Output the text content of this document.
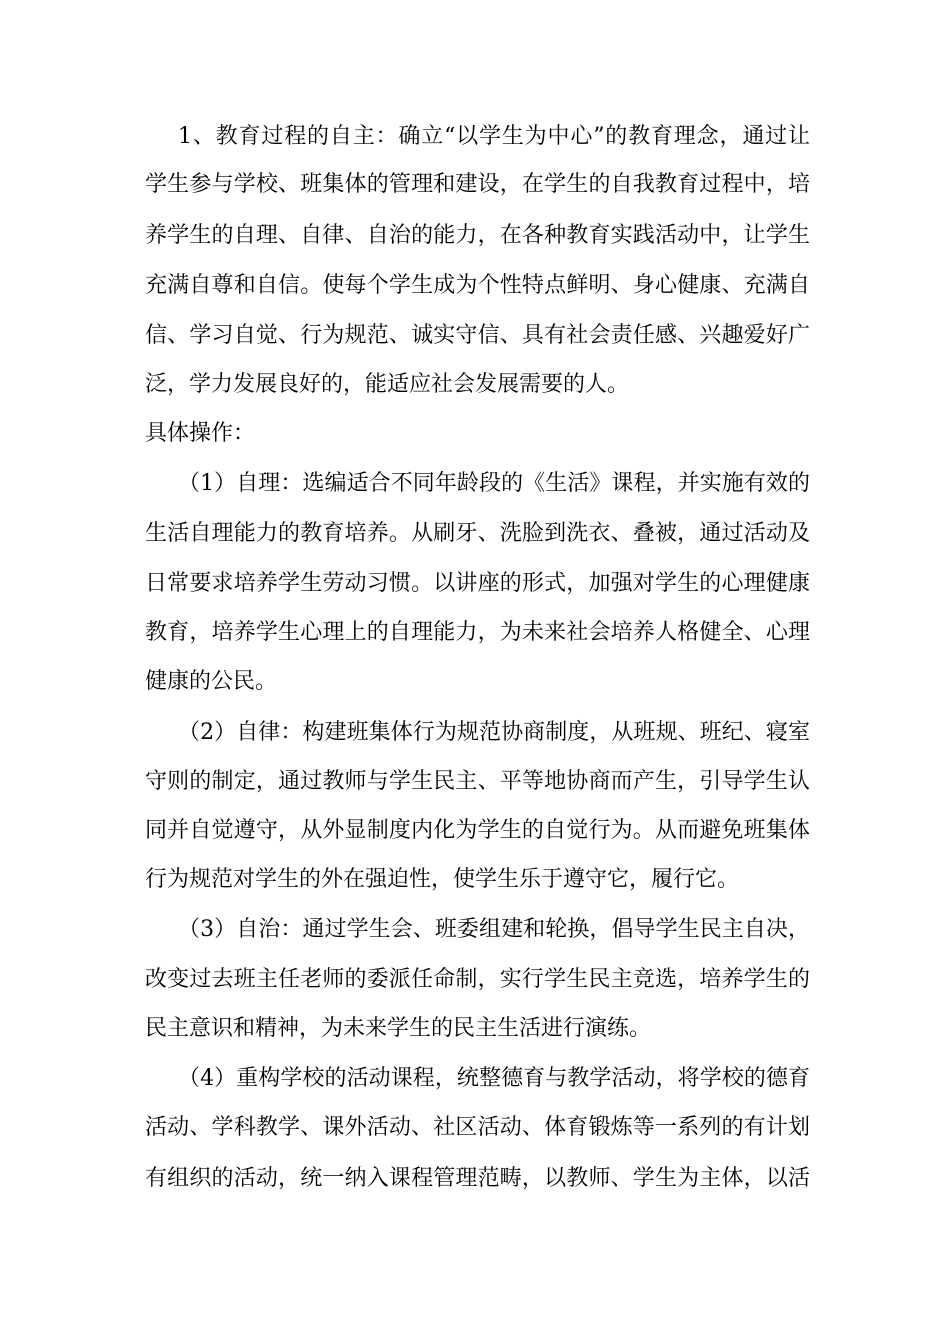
1、教育过程的自主：确立“以学生为中心”的教育理念，通过让
学生参与学校、班集体的管理和建设，在学生的自我教育过程中，培
养学生的自理、自律、自治的能力，在各种教育实践活动中，让学生
充满自尊和自信。使每个学生成为个性特点鲜明、身心健康、充满自
信、学习自觉、行为规范、诚实守信、具有社会责任感、兴趣爱好广
泛，学力发展良好的，能适应社会发展需要的人。
具体操作：
（1）自理：选编适合不同年龄段的《生活》课程，并实施有效的
生活自理能力的教育培养。从刷牙、洗脸到洗衣、叠被，通过活动及
日常要求培养学生劳动习惯。以讲座的形式，加强对学生的心理健康
教育，培养学生心理上的自理能力，为未来社会培养人格健全、心理
健康的公民。
（2）自律：构建班集体行为规范协商制度，从班规、班纪、寝室
守则的制定，通过教师与学生民主、平等地协商而产生，引导学生认
同并自觉遵守，从外显制度内化为学生的自觉行为。从而避免班集体
行为规范对学生的外在强迫性，使学生乐于遵守它，履行它。
（3）自治：通过学生会、班委组建和轮换，倡导学生民主自决，
改变过去班主任老师的委派任命制，实行学生民主竞选，培养学生的
民主意识和精神，为未来学生的民主生活进行演练。
（4）重构学校的活动课程，统整德育与教学活动，将学校的德育
活动、学科教学、课外活动、社区活动、体育锻炼等一系列的有计划
有组织的活动，统一纳入课程管理范畴，以教师、学生为主体，以活
